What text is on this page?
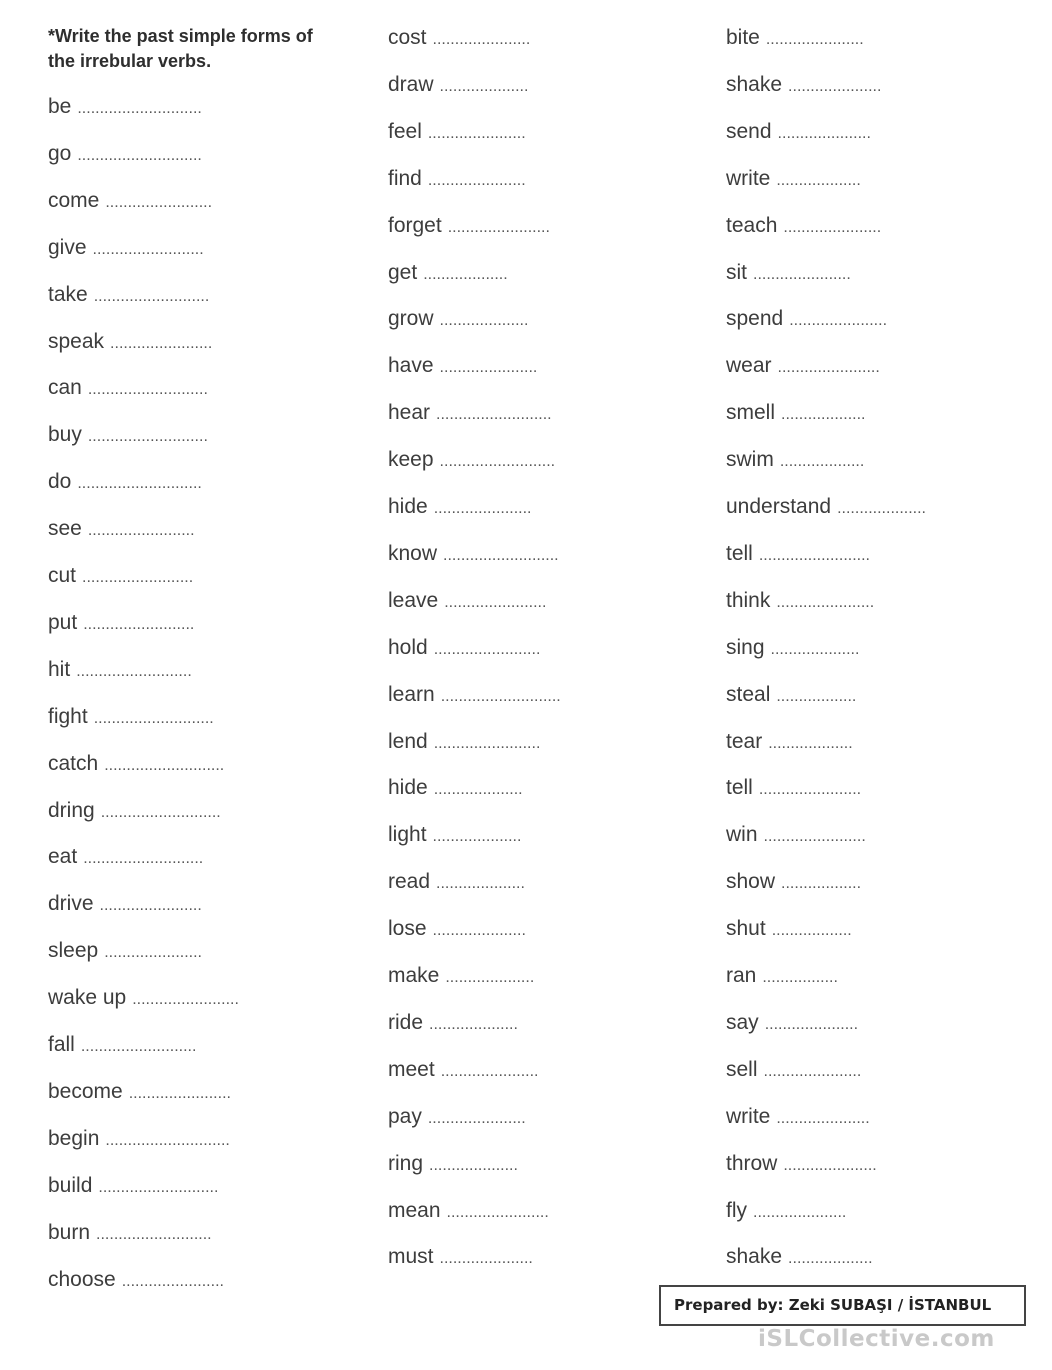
*Write the past simple forms of the irrebular verbs.
be ............................
go ............................
come ........................
give .........................
take ..........................
speak .......................
can ...........................
buy ...........................
do ............................
see ........................
cut .........................
put .........................
hit ..........................
fight ...........................
catch ...........................
dring ...........................
eat ...........................
drive .......................
sleep ......................
wake up ........................
fall ..........................
become .......................
begin ............................
build ...........................
burn ..........................
choose .......................
cost ......................
draw ....................
feel ......................
find ......................
forget .......................
get ...................
grow ....................
have ......................
hear ..........................
keep ..........................
hide ......................
know ..........................
leave .......................
hold ........................
learn ...........................
lend ........................
hide ....................
light ....................
read ....................
lose .....................
make ....................
ride ....................
meet ......................
pay ......................
ring ....................
mean .......................
must .....................
bite ......................
shake .....................
send .....................
write ...................
teach ......................
sit ......................
spend ......................
wear .......................
smell ...................
swim ...................
understand ....................
tell .........................
think ......................
sing ....................
steal ..................
tear ...................
tell .......................
win .......................
show ..................
shut ..................
ran .................
say .....................
sell ......................
write .....................
throw .....................
fly .....................
shake ...................
Prepared by: Zeki SUBAŞI / İSTANBUL
iSLCollective.com
